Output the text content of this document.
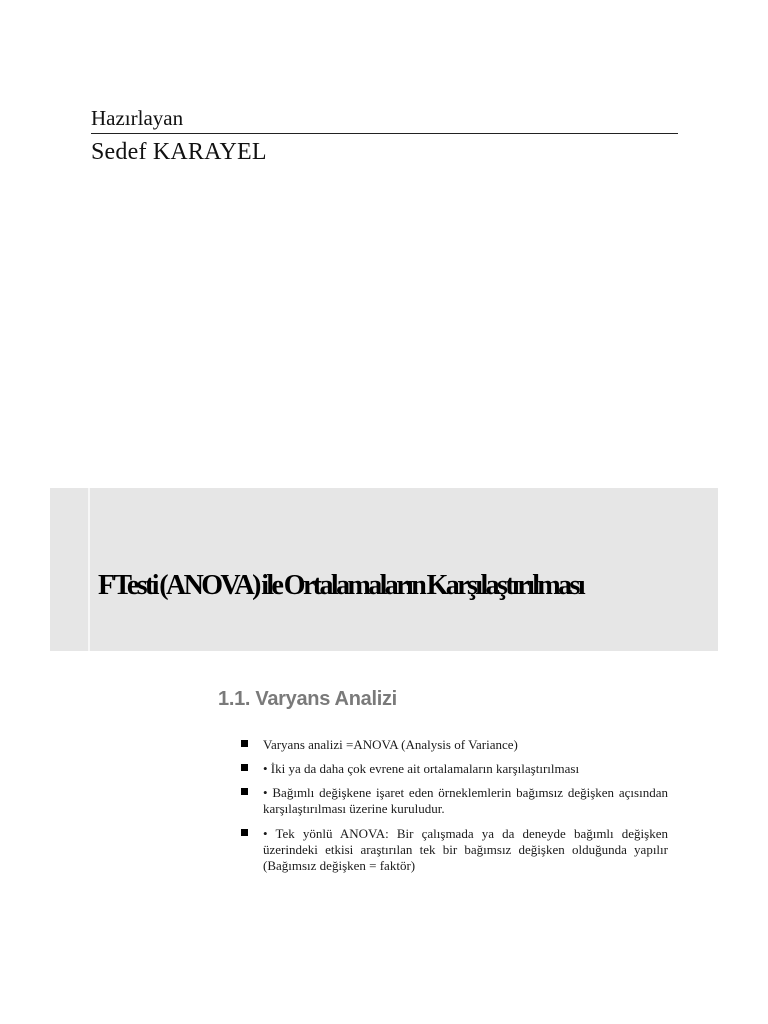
Hazırlayan
Sedef KARAYEL
F Testi (ANOVA) ile Ortalamaların Karşılaştırılması
1.1. Varyans Analizi
Varyans analizi =ANOVA (Analysis of Variance)
• İki ya da daha çok evrene ait ortalamaların karşılaştırılması
• Bağımlı değişkene işaret eden örneklemlerin bağımsız değişken açısından karşılaştırılması üzerine kuruludur.
• Tek yönlü ANOVA: Bir çalışmada ya da deneyde bağımlı değişken üzerindeki etkisi araştırılan tek bir bağımsız değişken olduğunda yapılır (Bağımsız değişken = faktör)
